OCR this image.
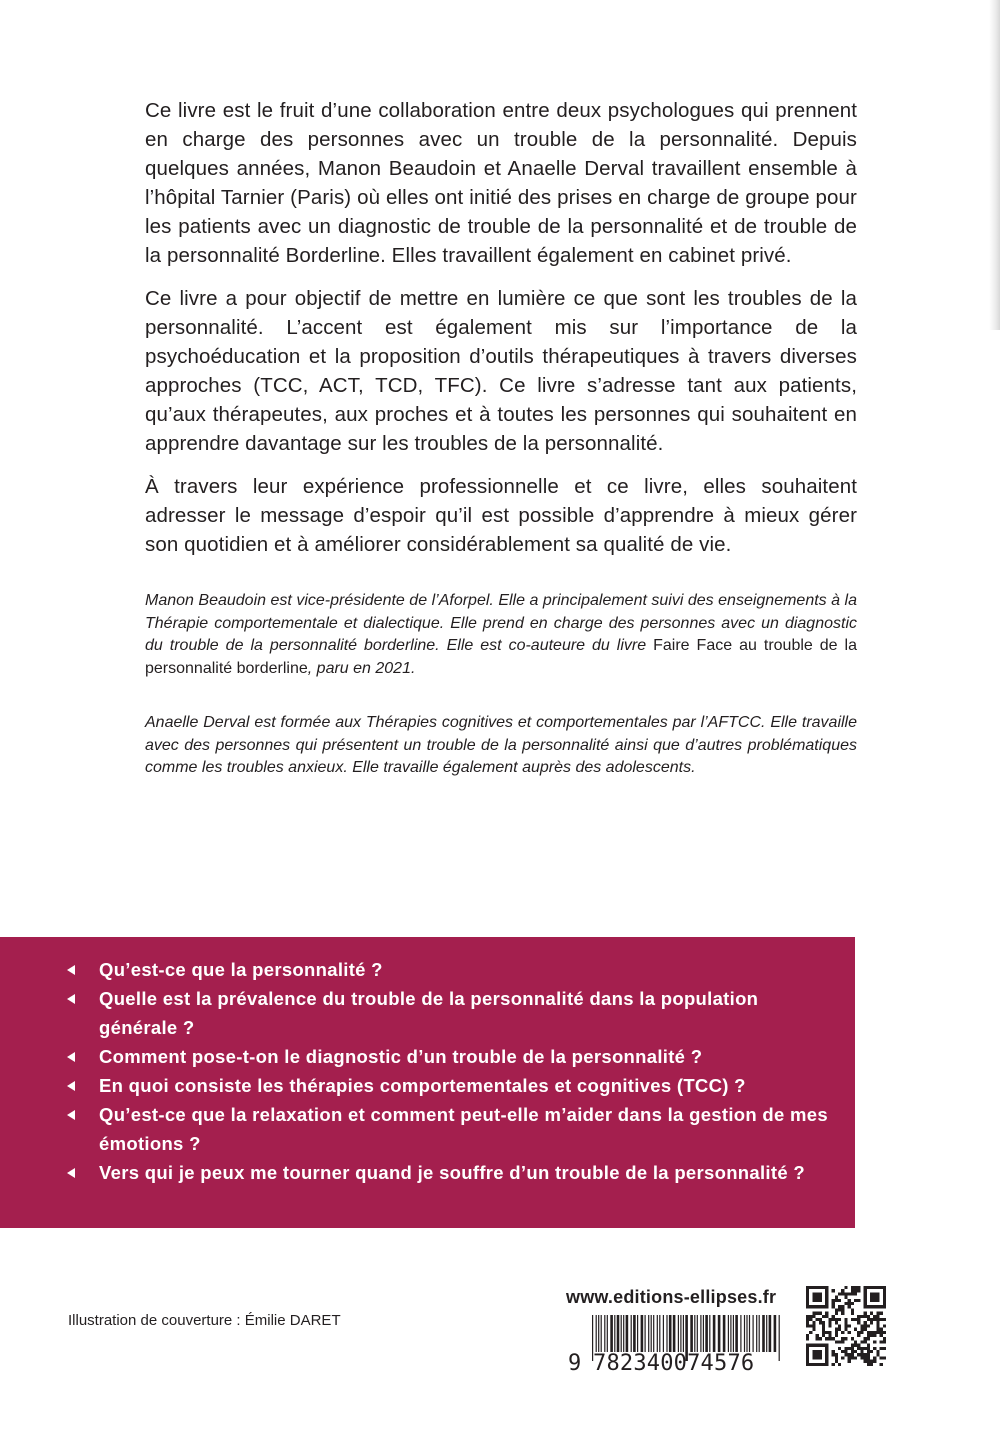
Ce livre est le fruit d’une collaboration entre deux psychologues qui prennent en charge des personnes avec un trouble de la personnalité. Depuis quelques années, Manon Beaudoin et Anaelle Derval travaillent ensemble à l’hôpital Tarnier (Paris) où elles ont initié des prises en charge de groupe pour les patients avec un diagnostic de trouble de la personnalité et de trouble de la personnalité Borderline. Elles travaillent également en cabinet privé.

Ce livre a pour objectif de mettre en lumière ce que sont les troubles de la personnalité. L’accent est également mis sur l’importance de la psychoéducation et la proposition d’outils thérapeutiques à travers diverses approches (TCC, ACT, TCD, TFC). Ce livre s’adresse tant aux patients, qu’aux thérapeutes, aux proches et à toutes les personnes qui souhaitent en apprendre davantage sur les troubles de la personnalité.

À travers leur expérience professionnelle et ce livre, elles souhaitent adresser le message d’espoir qu’il est possible d’apprendre à mieux gérer son quotidien et à améliorer considérablement sa qualité de vie.

Manon Beaudoin est vice-présidente de l’Aforpel. Elle a principalement suivi des enseignements à la Thérapie comportementale et dialectique. Elle prend en charge des personnes avec un diagnostic du trouble de la personnalité borderline. Elle est co-auteure du livre Faire Face au trouble de la personnalité borderline, paru en 2021.

Anaelle Derval est formée aux Thérapies cognitives et comportementales par l’AFTCC. Elle travaille avec des personnes qui présentent un trouble de la personnalité ainsi que d’autres problématiques comme les troubles anxieux. Elle travaille également auprès des adolescents.

Qu’est-ce que la personnalité ?
Quelle est la prévalence du trouble de la personnalité dans la population générale ?
Comment pose-t-on le diagnostic d’un trouble de la personnalité ?
En quoi consiste les thérapies comportementales et cognitives (TCC) ?
Qu’est-ce que la relaxation et comment peut-elle m’aider dans la gestion de mes émotions ?
Vers qui je peux me tourner quand je souffre d’un trouble de la personnalité ?
Illustration de couverture : Émilie DARET
www.editions-ellipses.fr
9 782340074576
